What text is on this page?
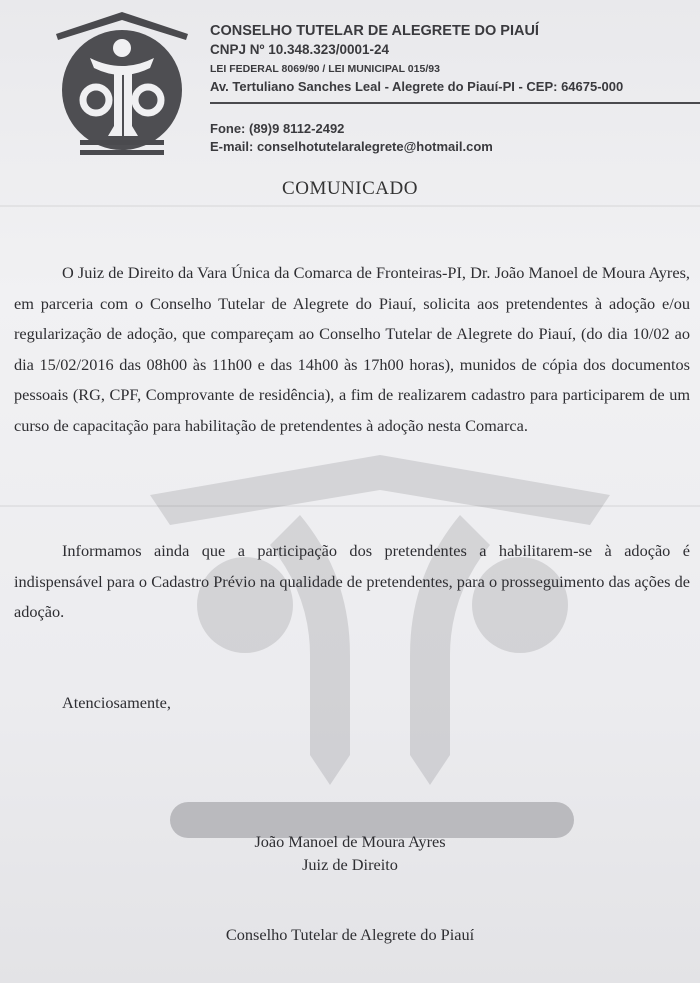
CONSELHO TUTELAR DE ALEGRETE DO PIAUÍ
CNPJ Nº 10.348.323/0001-24
LEI FEDERAL 8069/90 / LEI MUNICIPAL 015/93
Av. Tertuliano Sanches Leal - Alegrete do Piauí-PI - CEP: 64675-000
Fone: (89)9 8112-2492
E-mail: conselhotutelaralegrete@hotmail.com
COMUNICADO
O Juiz de Direito da Vara Única da Comarca de Fronteiras-PI, Dr. João Manoel de Moura Ayres, em parceria com o Conselho Tutelar de Alegrete do Piauí, solicita aos pretendentes à adoção e/ou regularização de adoção, que compareçam ao Conselho Tutelar de Alegrete do Piauí, (do dia 10/02 ao dia 15/02/2016 das 08h00 às 11h00 e das 14h00 às 17h00 horas), munidos de cópia dos documentos pessoais (RG, CPF, Comprovante de residência), a fim de realizarem cadastro para participarem de um curso de capacitação para habilitação de pretendentes à adoção nesta Comarca.
Informamos ainda que a participação dos pretendentes a habilitarem-se à adoção é indispensável para o Cadastro Prévio na qualidade de pretendentes, para o prosseguimento das ações de adoção.
Atenciosamente,
João Manoel de Moura Ayres
Juiz de Direito
Conselho Tutelar de Alegrete do Piauí
